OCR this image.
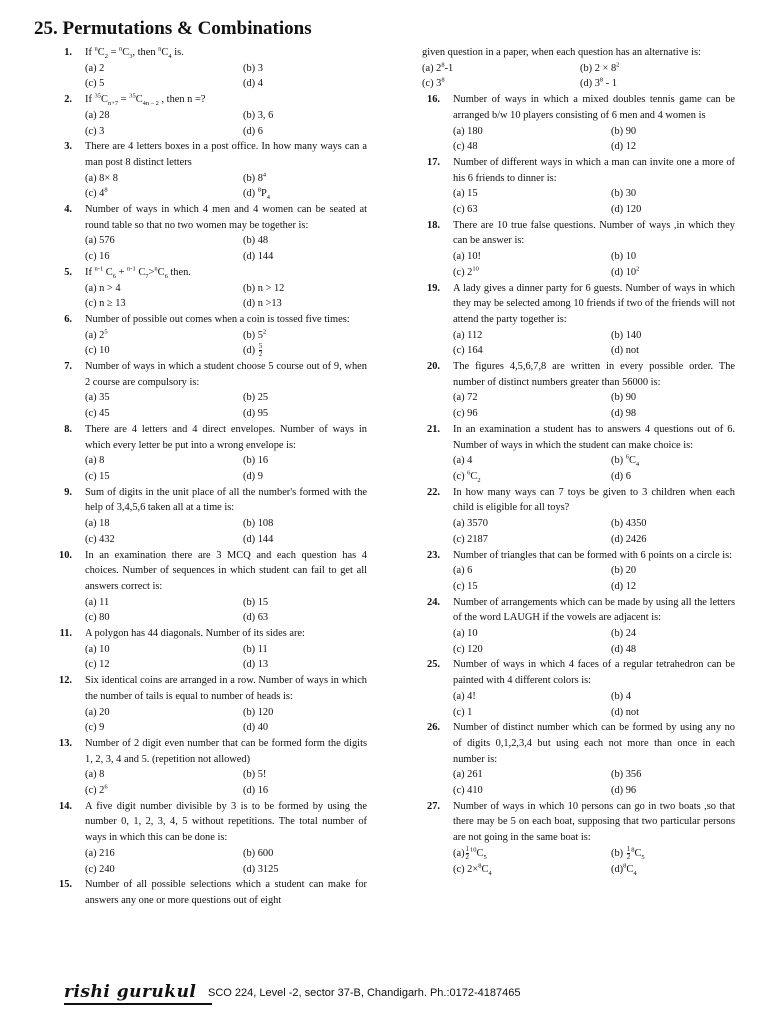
25. Permutations & Combinations
1. If $^nC_2 = ^nC_3$, then $^nC_4$ is.
(a) 2	(b) 3
(c) 5	(d) 4
2. If $^{35}C_{n+7} = ^{35}C_{4n - 2}$ , then n =?
(a) 28	(b) 3, 6
(c) 3	(d) 6
3. There are 4 letters boxes in a post office. In how many ways can a man post 8 distinct letters
(a) 8× 8	(b) $8^4$
(c) $4^8$	(d) $^8P_4$
4. Number of ways in which 4 men and 4 women can be seated at round table so that no two women may be together is:
(a) 576	(b) 48
(c) 16	(d) 144
5. If $^{n-1}$ $C_6 + ^{n-1}$ $C_7>^nC_6$ then.
(a) n > 4	(b) n > 12
(c) n ≥ 13	(d) n >13
6. Number of possible out comes when a coin is tossed five times:
(a) $2^5$	(b) $5^2$
(c) 10	$(d) \frac{5}{2}$
7. Number of ways in which a student choose 5 course out of 9, when 2 course are compulsory is:
(a) 35	(b) 25
(c) 45	(d) 95
8. There are 4 letters and 4 direct envelopes. Number of ways in which every letter be put into a wrong envelope is:
(a) 8	(b) 16
(c) 15	(d) 9
9. Sum of digits in the unit place of all the number's formed with the help of 3,4,5,6 taken all at a time is:
(a) 18	(b) 108
(c) 432	(d) 144
10. In an examination there are 3 MCQ and each question has 4 choices. Number of sequences in which student can fail to get all answers correct is:
(a) 11	(b) 15
(c) 80	(d) 63
11. A polygon has 44 diagonals. Number of its sides are:
(a) 10	(b) 11
(c) 12	(d) 13
12. Six identical coins are arranged in a row. Number of ways in which the number of tails is equal to number of heads is:
(a) 20	(b) 120
(c) 9	(d) 40
13. Number of 2 digit even number that can be formed form the digits 1, 2, 3, 4 and 5. (repetition not allowed)
(a) 8	(b) 5!
(c) $2^6$	(d) 16
14. A five digit number divisible by 3 is to be formed by using the number 0, 1, 2, 3, 4, 5 without repetitions. The total number of ways in which this can be done is:
(a) 216	(b) 600
(c) 240	(d) 3125
15. Number of all possible selections which a student can make for answers any one or more questions out of eight
given question in a paper, when each question has an alternative is:
(a) $2^8-1$	(b) $2 \times 8^2$
(c) $3^8$	(d) $3^8 - 1$
16. Number of ways in which a mixed doubles tennis game can be arranged b/w 10 players consisting of 6 men and 4 women is
(a) 180	(b) 90
(c) 48	(d) 12
17. Number of different ways in which a man can invite one a more of his 6 friends to dinner is:
(a) 15	(b) 30
(c) 63	(d) 120
18. There are 10 true false questions. Number of ways ,in which they can be answer is:
(a) 10!	(b) 10
(c) $2^{10}$	(d) $10^2$
19. A lady gives a dinner party for 6 guests. Number of ways in which they may be selected among 10 friends if two of the friends will not attend the party together is:
(a) 112	(b) 140
(c) 164	(d) not
20. The figures 4,5,6,7,8 are written in every possible order. The number of distinct numbers greater than 56000 is:
(a) 72	(b) 90
(c) 96	(d) 98
21. In an examination a student has to answers 4 questions out of 6. Number of ways in which the student can make choice is:
(a) 4	(b) $^6C_4$
(c) $^6C_2$	(d) 6
22. In how many ways can 7 toys be given to 3 children when each child is eligible for all toys?
(a) 3570	(b) 4350
(c) 2187	(d) 2426
23. Number of triangles that can be formed with 6 points on a circle is:
(a) 6	(b) 20
(c) 15	(d) 12
24. Number of arrangements which can be made by using all the letters of the word LAUGH if the vowels are adjacent is:
(a) 10	(b) 24
(c) 120	(d) 48
25. Number of ways in which 4 faces of a regular tetrahedron can be painted with 4 different colors is:
(a) 4!	(b) 4
(c) 1	(d) not
26. Number of distinct number which can be formed by using any no of digits 0,1,2,3,4 but using each not more than once in each number is:
(a) 261	(b) 356
(c) 410	(d) 96
27. Number of ways in which 10 persons can go in two boats ,so that there may be 5 on each boat, supposing that two particular persons are not going in the same boat is:
$(a) \frac{1}{2} ^{10}C_5$	$(b) \frac{1}{2} ^8C_5$
(c) $2\times^8C_4$	$(d)^8C_4$
rishi gurukul SCO 224, Level -2, sector 37-B, Chandigarh. Ph.:0172-4187465
